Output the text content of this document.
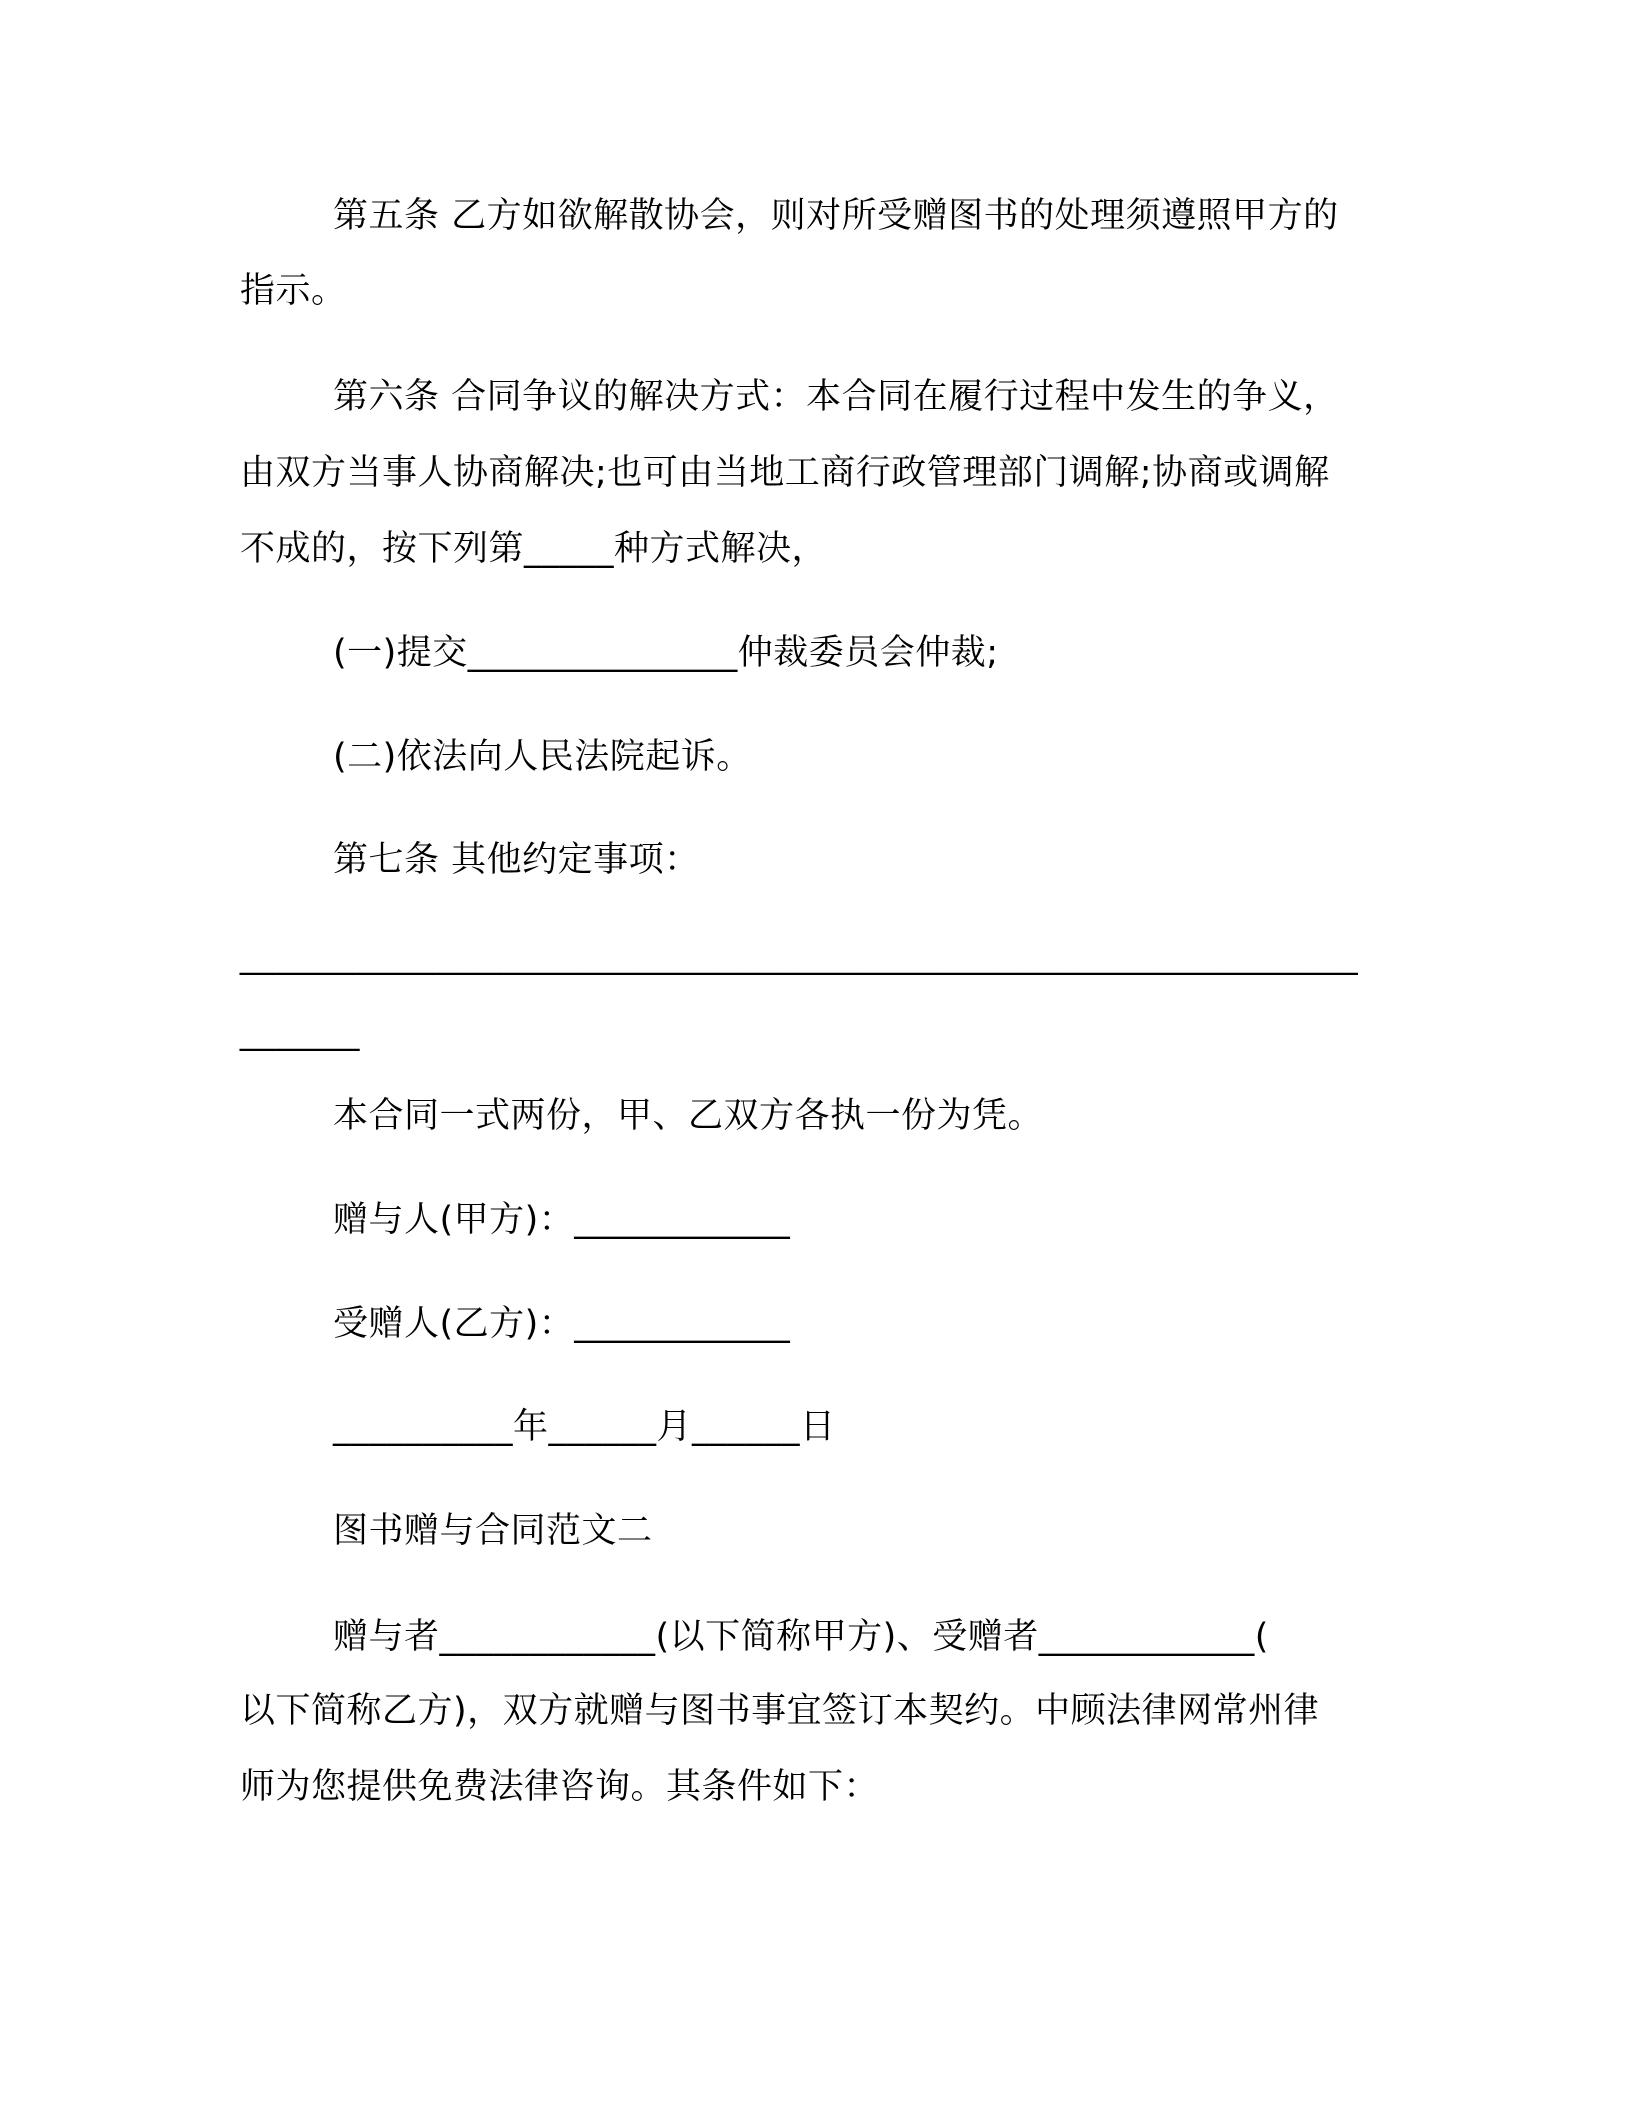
第五条 乙方如欲解散协会，则对所受赠图书的处理须遵照甲方的
指示。
第六条 合同争议的解决方式：本合同在履行过程中发生的争义，
由双方当事人协商解决;也可由当地工商行政管理部门调解;协商或调解
不成的，按下列第_____种方式解决，
(一)提交_______________仲裁委员会仲裁;
(二)依法向人民法院起诉。
第七条 其他约定事项：
________________________________________________________
______
本合同一式两份，甲、乙双方各执一份为凭。
赠与人(甲方)：____________
受赠人(乙方)：____________
__________年______月______日
图书赠与合同范文二
赠与者____________(以下简称甲方)、受赠者____________(
以下简称乙方)，双方就赠与图书事宜签订本契约。中顾法律网常州律
师为您提供免费法律咨询。其条件如下：
